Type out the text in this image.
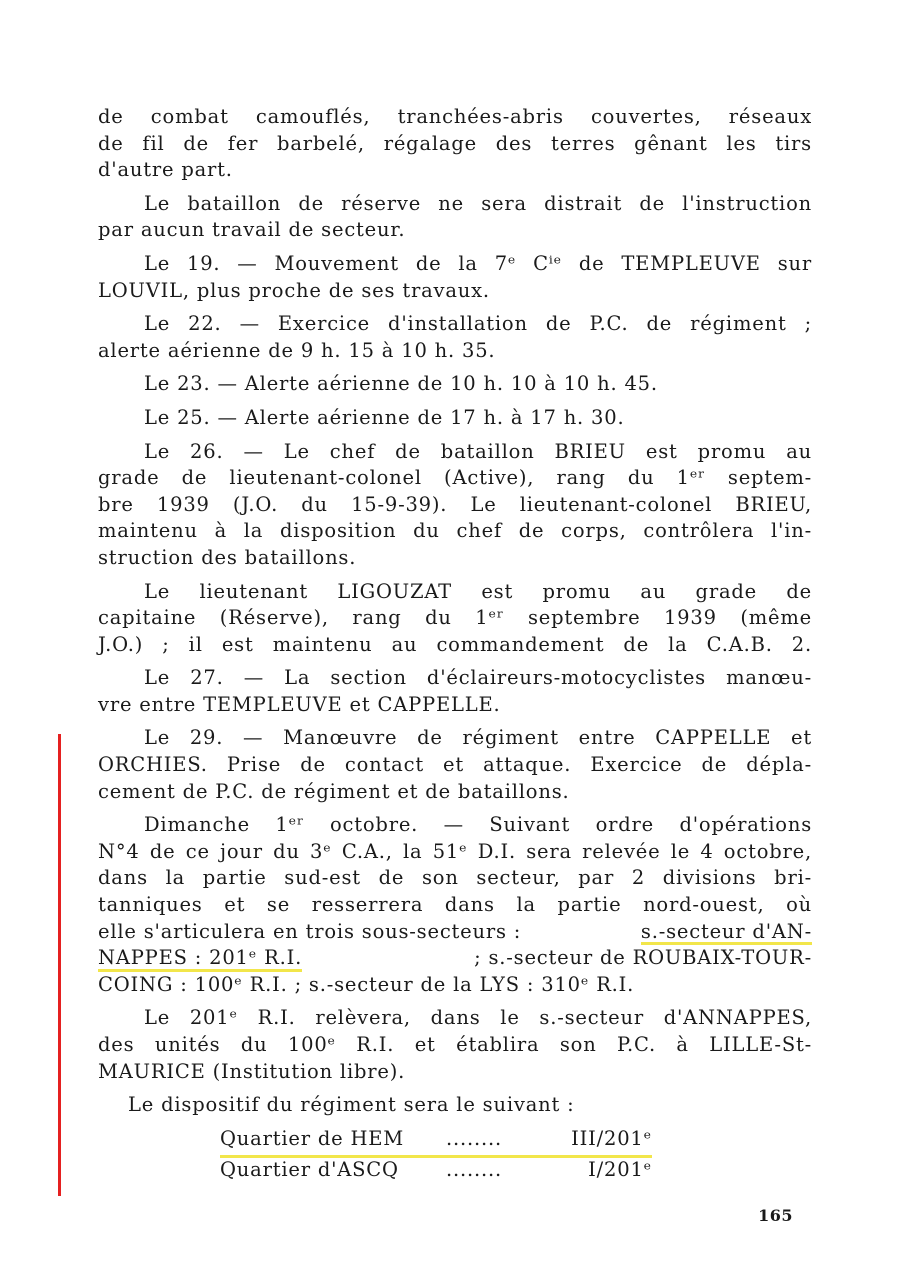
de combat camouflés, tranchées-abris couvertes, réseaux
de fil de fer barbelé, régalage des terres gênant les tirs
d'autre part.
Le bataillon de réserve ne sera distrait de l'instruction
par aucun travail de secteur.
Le 19. — Mouvement de la 7ᵉ Cⁱᵉ de TEMPLEUVE sur
LOUVIL, plus proche de ses travaux.
Le 22. — Exercice d'installation de P.C. de régiment ;
alerte aérienne de 9 h. 15 à 10 h. 35.
Le 23. — Alerte aérienne de 10 h. 10 à 10 h. 45.
Le 25. — Alerte aérienne de 17 h. à 17 h. 30.
Le 26. — Le chef de bataillon BRIEU est promu au
grade de lieutenant-colonel (Active), rang du 1ᵉʳ septem-
bre 1939 (J.O. du 15-9-39). Le lieutenant-colonel BRIEU,
maintenu à la disposition du chef de corps, contrôlera l'in-
struction des bataillons.
Le lieutenant LIGOUZAT est promu au grade de
capitaine (Réserve), rang du 1ᵉʳ septembre 1939 (même
J.O.) ; il est maintenu au commandement de la C.A.B. 2.
Le 27. — La section d'éclaireurs-motocyclistes manœu-
vre entre TEMPLEUVE et CAPPELLE.
Le 29. — Manœuvre de régiment entre CAPPELLE et
ORCHIES. Prise de contact et attaque. Exercice de dépla-
cement de P.C. de régiment et de bataillons.
Dimanche 1ᵉʳ octobre. — Suivant ordre d'opérations
N°4 de ce jour du 3ᵉ C.A., la 51ᵉ D.I. sera relevée le 4 octobre,
dans la partie sud-est de son secteur, par 2 divisions bri-
tanniques et se resserrera dans la partie nord-ouest, où
elle s'articulera en trois sous-secteurs :	s.-secteur d'AN-
NAPPES : 201ᵉ R.I.	; s.-secteur de ROUBAIX-TOUR-
COING : 100ᵉ R.I. ; s.-secteur de la LYS : 310ᵉ R.I.
Le 201ᵉ R.I. relèvera, dans le s.-secteur d'ANNAPPES,
des unités du 100ᵉ R.I. et établira son P.C. à LILLE-St-
MAURICE (Institution libre).
Le dispositif du régiment sera le suivant :
Quartier de HEM ........	III/201ᵉ
Quartier d'ASCQ ........	I/201ᵉ
165
